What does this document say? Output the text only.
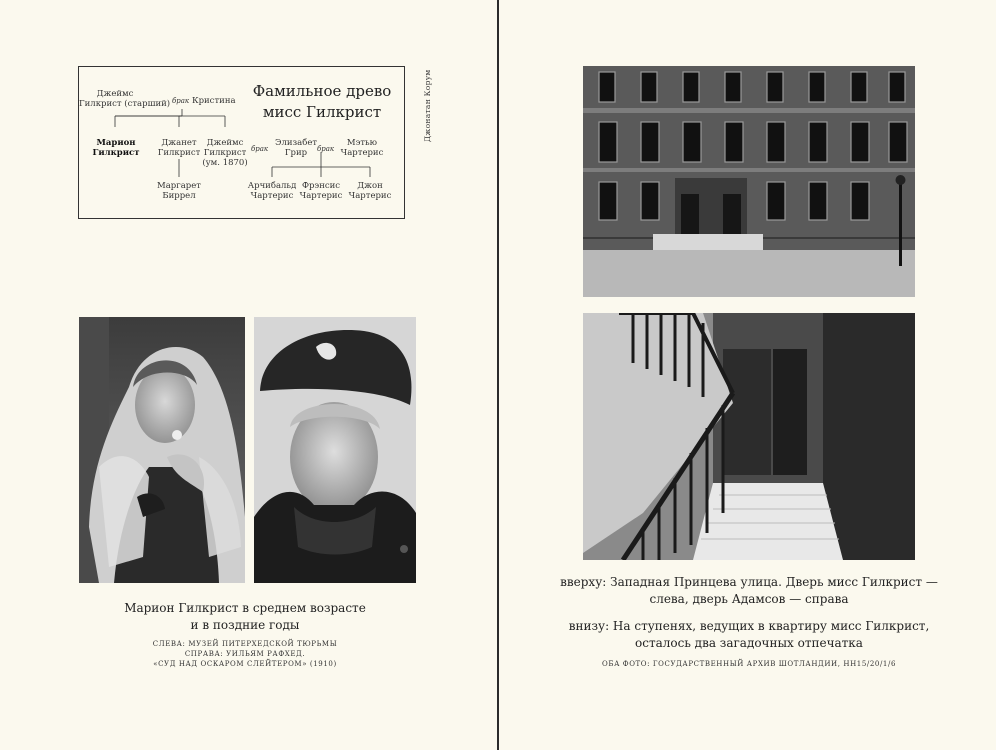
Джеймс
Гилкрист (старший) брак Кристина
Фамильное древо
мисс Гилкрист
Марион
Гилкрист
Джанет
Гилкрист
Джеймс
Гилкрист
(ум. 1870)
брак
Элизабет
Грир	брак
Мэтью
Чартерис
Маргарет
Биррел
Арчибальд
Чартерис
Фрэнсис
Чартерис
Джон
Чартерис
Джонатан Корум
Марион Гилкрист в среднем возрасте
и в поздние годы
СЛЕВА: МУЗЕЙ ПИТЕРХЕДСКОЙ ТЮРЬМЫ
СПРАВА: УИЛЬЯМ РАФХЕД.
«СУД НАД ОСКАРОМ СЛЕЙТЕРОМ» (1910)
вверху: Западная Принцева улица. Дверь мисс Гилкрист —
слева, дверь Адамсов — справа
внизу: На ступенях, ведущих в квартиру мисс Гилкрист,
осталось два загадочных отпечатка
ОБА ФОТО: ГОСУДАРСТВЕННЫЙ АРХИВ ШОТЛАНДИИ, HH15/20/1/6
